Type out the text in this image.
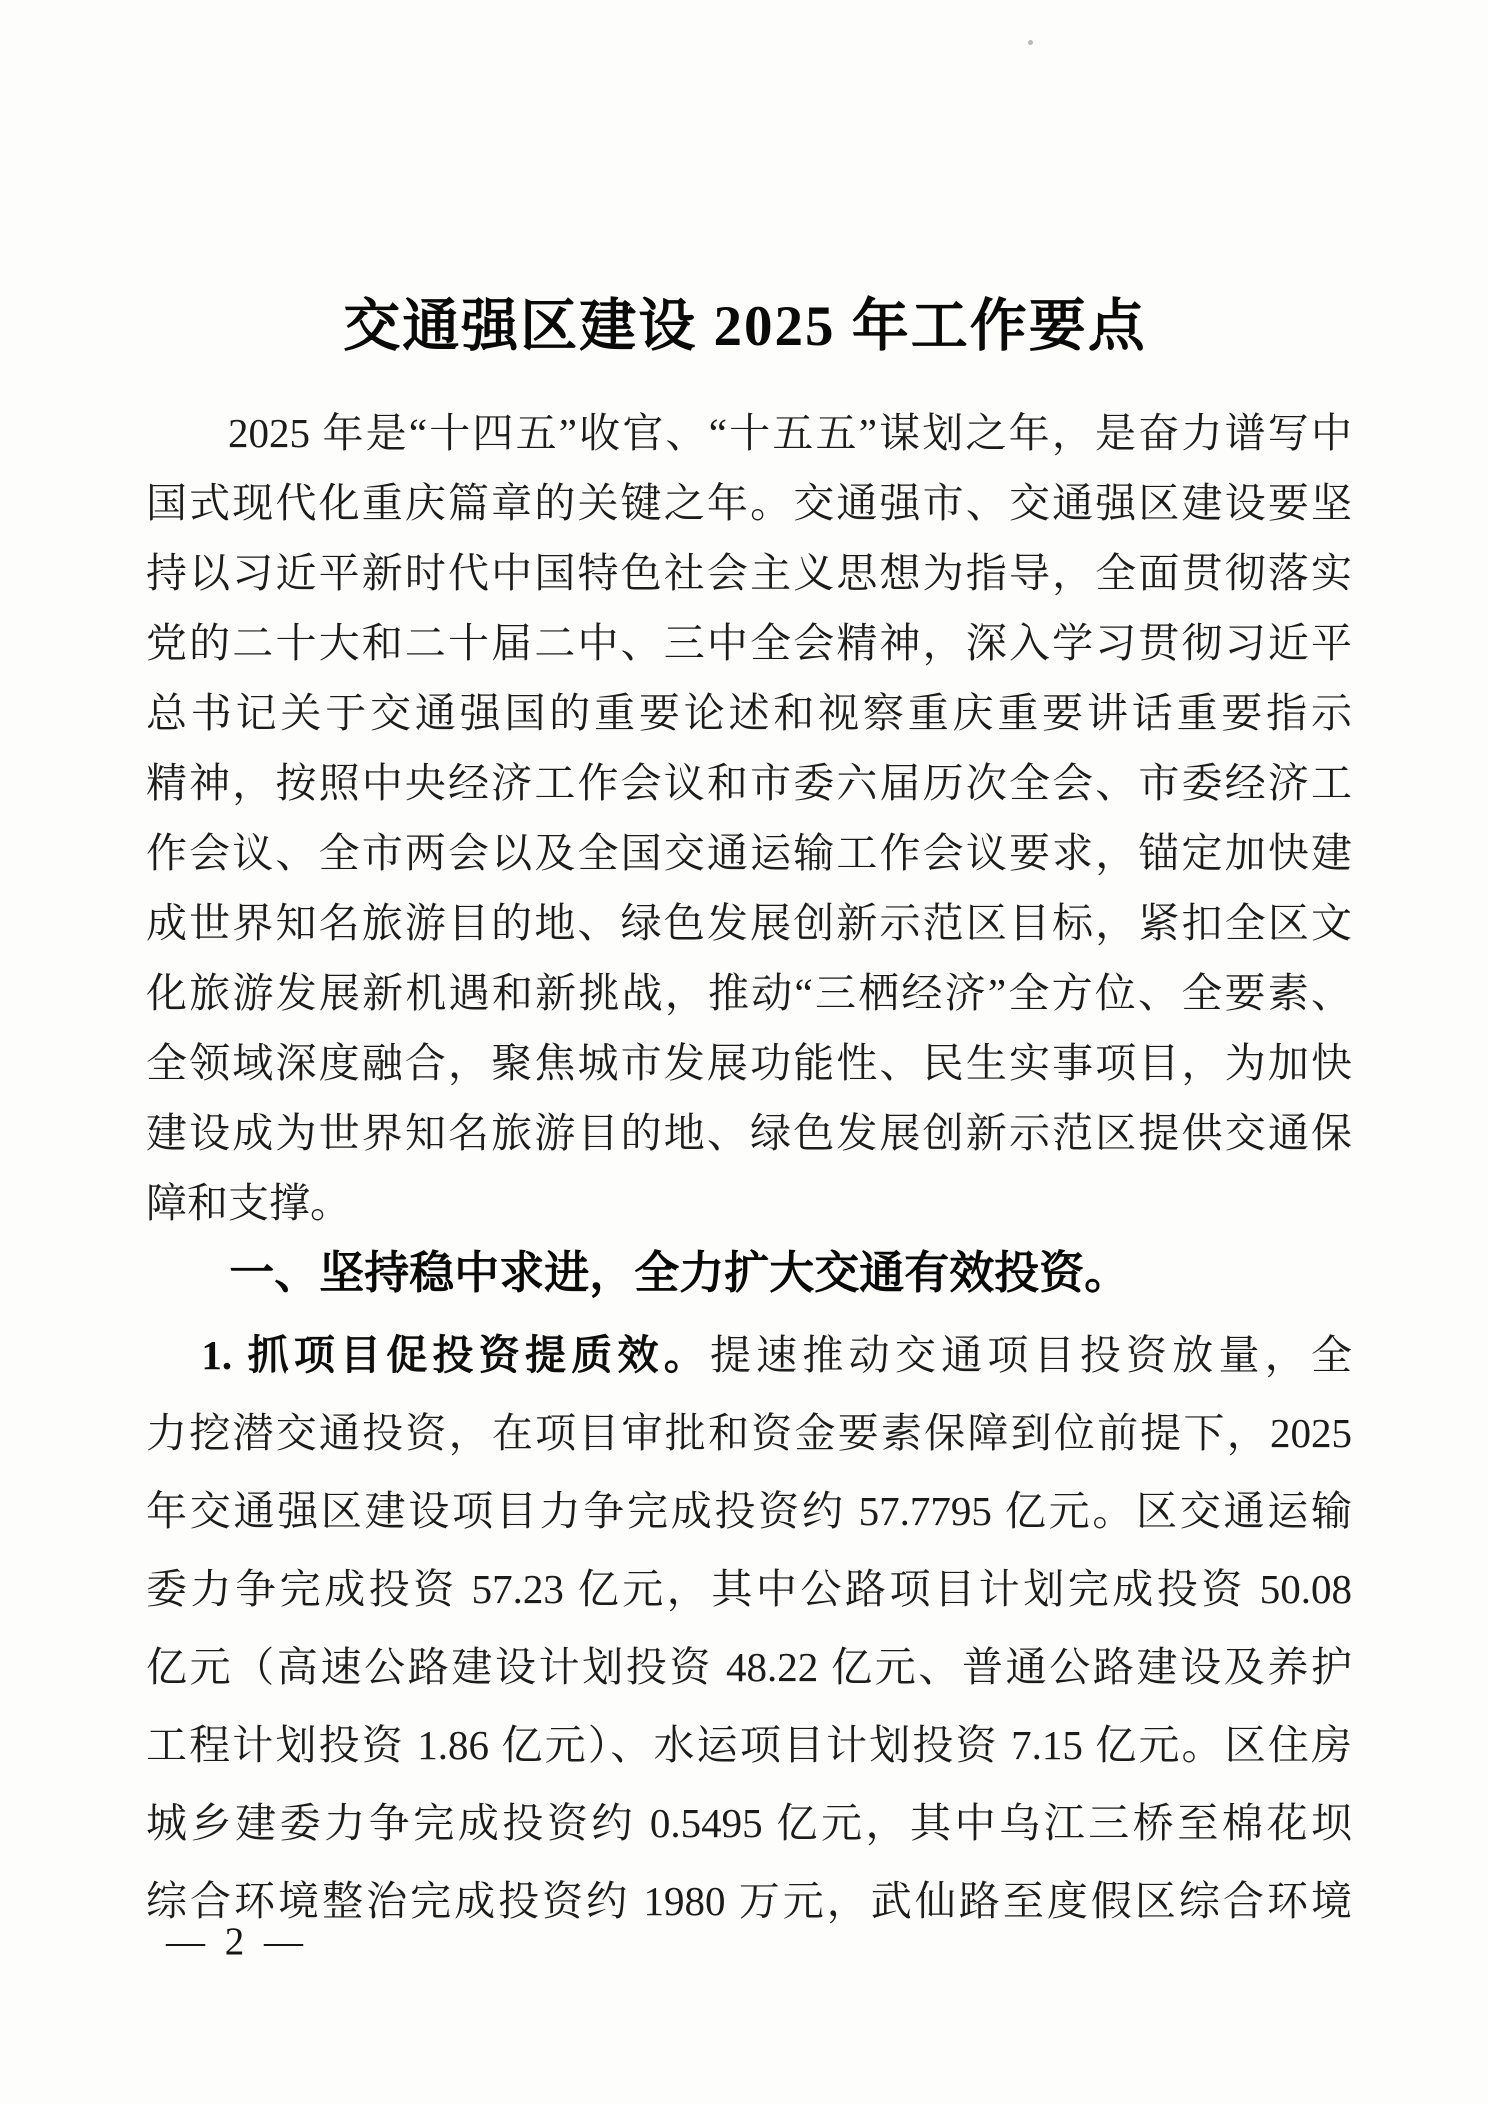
交通强区建设 2025 年工作要点
2025 年是“十四五”收官、“十五五”谋划之年，是奋力谱写中
国式现代化重庆篇章的关键之年。交通强市、交通强区建设要坚
持以习近平新时代中国特色社会主义思想为指导，全面贯彻落实
党的二十大和二十届二中、三中全会精神，深入学习贯彻习近平
总书记关于交通强国的重要论述和视察重庆重要讲话重要指示
精神，按照中央经济工作会议和市委六届历次全会、市委经济工
作会议、全市两会以及全国交通运输工作会议要求，锚定加快建
成世界知名旅游目的地、绿色发展创新示范区目标，紧扣全区文
化旅游发展新机遇和新挑战，推动“三栖经济”全方位、全要素、
全领域深度融合，聚焦城市发展功能性、民生实事项目，为加快
建设成为世界知名旅游目的地、绿色发展创新示范区提供交通保
障和支撑。
一、坚持稳中求进，全力扩大交通有效投资。
1. 抓项目促投资提质效。提速推动交通项目投资放量，全
力挖潜交通投资，在项目审批和资金要素保障到位前提下，2025
年交通强区建设项目力争完成投资约 57.7795 亿元。区交通运输
委力争完成投资 57.23 亿元，其中公路项目计划完成投资 50.08
亿元（高速公路建设计划投资 48.22 亿元、普通公路建设及养护
工程计划投资 1.86 亿元）、水运项目计划投资 7.15 亿元。区住房
城乡建委力争完成投资约 0.5495 亿元，其中乌江三桥至棉花坝
综合环境整治完成投资约 1980 万元，武仙路至度假区综合环境
— 2 —
